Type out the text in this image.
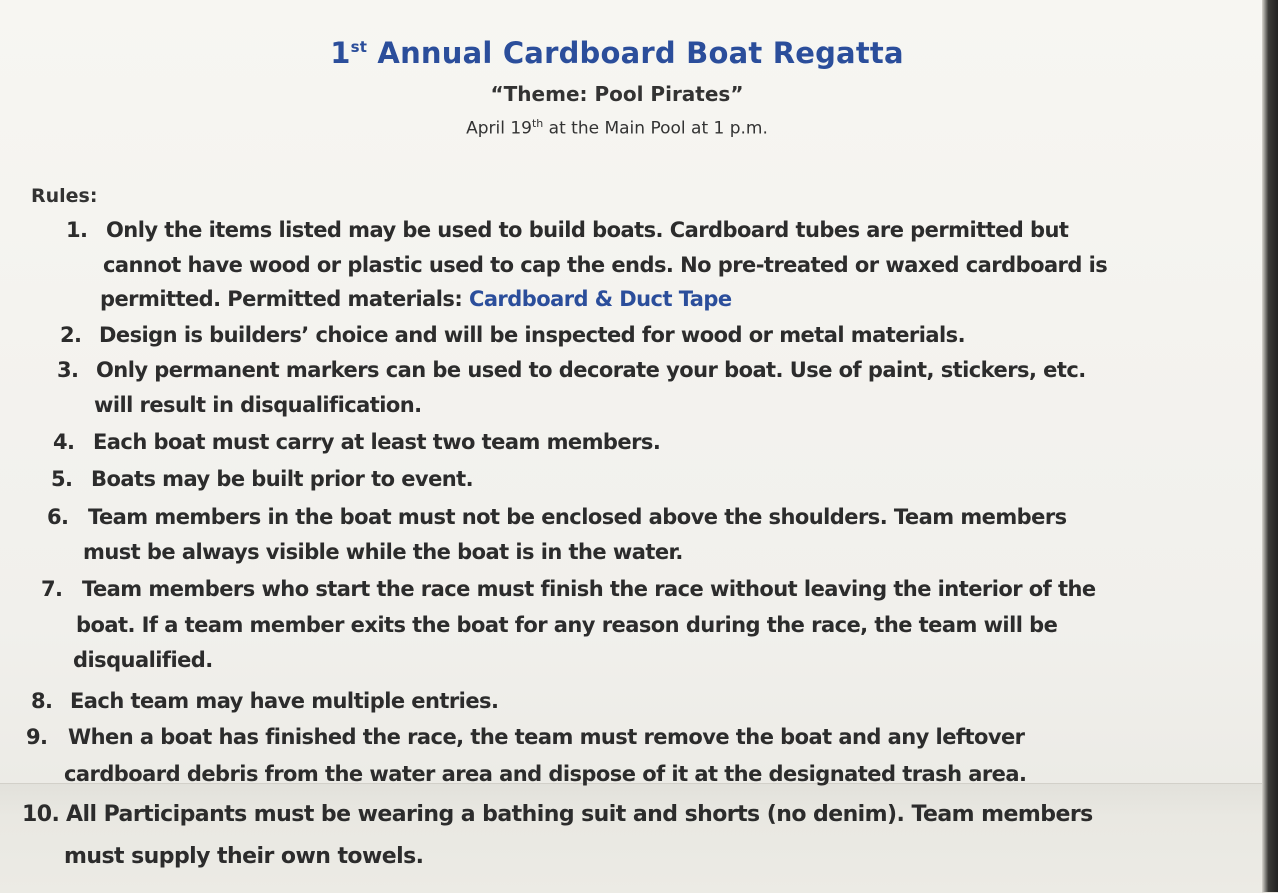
1st Annual Cardboard Boat Regatta
“Theme: Pool Pirates”
April 19th at the Main Pool at 1 p.m.
Rules:
1. Only the items listed may be used to build boats. Cardboard tubes are permitted but
cannot have wood or plastic used to cap the ends. No pre-treated or waxed cardboard is
permitted. Permitted materials: Cardboard & Duct Tape
2. Design is builders’ choice and will be inspected for wood or metal materials.
3. Only permanent markers can be used to decorate your boat. Use of paint, stickers, etc.
will result in disqualification.
4. Each boat must carry at least two team members.
5. Boats may be built prior to event.
6. Team members in the boat must not be enclosed above the shoulders. Team members
must be always visible while the boat is in the water.
7. Team members who start the race must finish the race without leaving the interior of the
boat. If a team member exits the boat for any reason during the race, the team will be
disqualified.
8. Each team may have multiple entries.
9. When a boat has finished the race, the team must remove the boat and any leftover
cardboard debris from the water area and dispose of it at the designated trash area.
10. All Participants must be wearing a bathing suit and shorts (no denim). Team members
must supply their own towels.
